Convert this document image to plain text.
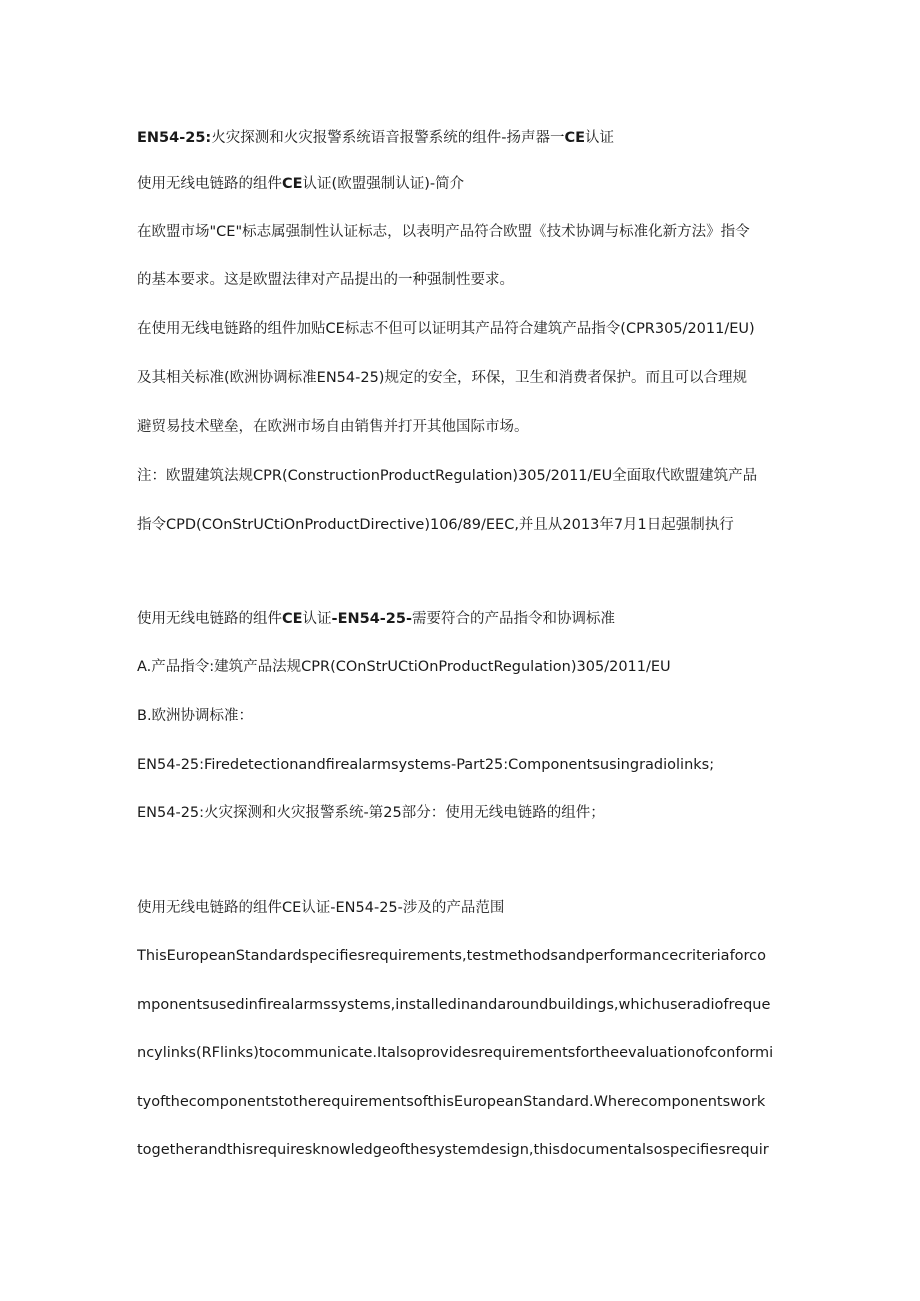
EN54-25:火灾探测和火灾报警系统语音报警系统的组件-扬声器一CE认证
使用无线电链路的组件CE认证(欧盟强制认证)-简介
在欧盟市场"CE"标志属强制性认证标志，以表明产品符合欧盟《技术协调与标准化新方法》指令
的基本要求。这是欧盟法律对产品提出的一种强制性要求。
在使用无线电链路的组件加贴CE标志不但可以证明其产品符合建筑产品指令(CPR305/2011/EU)
及其相关标准(欧洲协调标准EN54-25)规定的安全，环保，卫生和消费者保护。而且可以合理规
避贸易技术壁垒，在欧洲市场自由销售并打开其他国际市场。
注：欧盟建筑法规CPR(ConstructionProductRegulation)305/2011/EU全面取代欧盟建筑产品
指令CPD(COnStrUCtiOnProductDirective)106/89/EEC,并且从2013年7月1日起强制执行
使用无线电链路的组件CE认证-EN54-25-需要符合的产品指令和协调标准
A.产品指令:建筑产品法规CPR(COnStrUCtiOnProductRegulation)305/2011/EU
B.欧洲协调标准：
EN54-25:Firedetectionandfirealarmsystems-Part25:Componentsusingradiolinks;
EN54-25:火灾探测和火灾报警系统-第25部分：使用无线电链路的组件；
使用无线电链路的组件CE认证-EN54-25-涉及的产品范围
ThisEuropeanStandardspecifiesrequirements,testmethodsandperformancecriteriaforco
mponentsusedinfirealarmssystems,installedinandaroundbuildings,whichuseradiofreque
ncylinks(RFlinks)tocommunicate.Italsoprovidesrequirementsfortheevaluationofconformi
tyofthecomponentstotherequirementsofthisEuropeanStandard.Wherecomponentswork
togetherandthisrequiresknowledgeofthesystemdesign,thisdocumentalsospecifiesrequir
